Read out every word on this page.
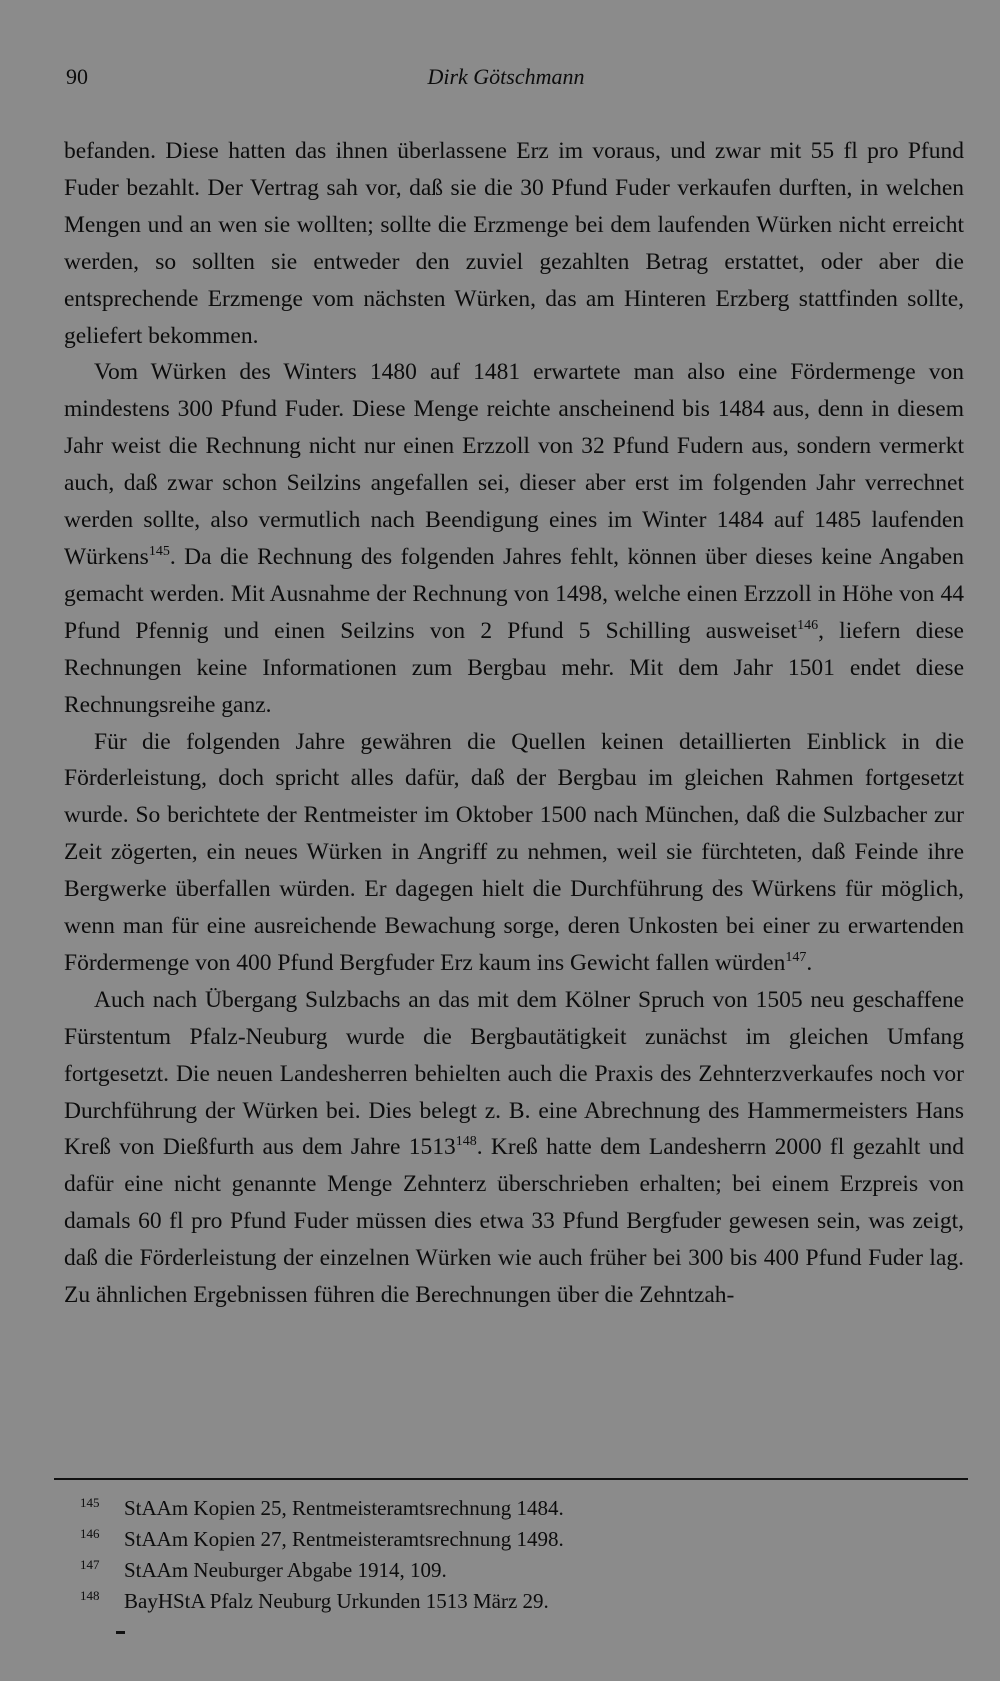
90	Dirk Götschmann

befanden. Diese hatten das ihnen überlassene Erz im voraus, und zwar mit 55 fl pro Pfund Fuder bezahlt. Der Vertrag sah vor, daß sie die 30 Pfund Fuder verkaufen durften, in welchen Mengen und an wen sie wollten; sollte die Erzmenge bei dem laufenden Würken nicht erreicht werden, so sollten sie entweder den zuviel gezahlten Betrag erstattet, oder aber die entsprechende Erzmenge vom nächsten Würken, das am Hinteren Erzberg stattfinden sollte, geliefert bekommen.

Vom Würken des Winters 1480 auf 1481 erwartete man also eine Fördermenge von mindestens 300 Pfund Fuder. Diese Menge reichte anscheinend bis 1484 aus, denn in diesem Jahr weist die Rechnung nicht nur einen Erzzoll von 32 Pfund Fudern aus, sondern vermerkt auch, daß zwar schon Seilzins angefallen sei, dieser aber erst im folgenden Jahr verrechnet werden sollte, also vermutlich nach Beendigung eines im Winter 1484 auf 1485 laufenden Würkens$^{145}$. Da die Rechnung des folgenden Jahres fehlt, können über dieses keine Angaben gemacht werden. Mit Ausnahme der Rechnung von 1498, welche einen Erzzoll in Höhe von 44 Pfund Pfennig und einen Seilzins von 2 Pfund 5 Schilling ausweiset$^{146}$, liefern diese Rechnungen keine Informationen zum Bergbau mehr. Mit dem Jahr 1501 endet diese Rechnungsreihe ganz.

Für die folgenden Jahre gewähren die Quellen keinen detaillierten Einblick in die Förderleistung, doch spricht alles dafür, daß der Bergbau im gleichen Rahmen fortgesetzt wurde. So berichtete der Rentmeister im Oktober 1500 nach München, daß die Sulzbacher zur Zeit zögerten, ein neues Würken in Angriff zu nehmen, weil sie fürchteten, daß Feinde ihre Bergwerke überfallen würden. Er dagegen hielt die Durchführung des Würkens für möglich, wenn man für eine ausreichende Bewachung sorge, deren Unkosten bei einer zu erwartenden Fördermenge von 400 Pfund Bergfuder Erz kaum ins Gewicht fallen würden$^{147}$.

Auch nach Übergang Sulzbachs an das mit dem Kölner Spruch von 1505 neu geschaffene Fürstentum Pfalz-Neuburg wurde die Bergbautätigkeit zunächst im gleichen Umfang fortgesetzt. Die neuen Landesherren behielten auch die Praxis des Zehnterzverkaufes noch vor Durchführung der Würken bei. Dies belegt z. B. eine Abrechnung des Hammermeisters Hans Kreß von Dießfurth aus dem Jahre 1513$^{148}$. Kreß hatte dem Landesherrn 2000 fl gezahlt und dafür eine nicht genannte Menge Zehnterz überschrieben erhalten; bei einem Erzpreis von damals 60 fl pro Pfund Fuder müssen dies etwa 33 Pfund Bergfuder gewesen sein, was zeigt, daß die Förderleistung der einzelnen Würken wie auch früher bei 300 bis 400 Pfund Fuder lag. Zu ähnlichen Ergebnissen führen die Berechnungen über die Zehntzah-

145	StAAm Kopien 25, Rentmeisteramtsrechnung 1484.
146	StAAm Kopien 27, Rentmeisteramtsrechnung 1498.
147	StAAm Neuburger Abgabe 1914, 109.
148	BayHStA Pfalz Neuburg Urkunden 1513 März 29.
